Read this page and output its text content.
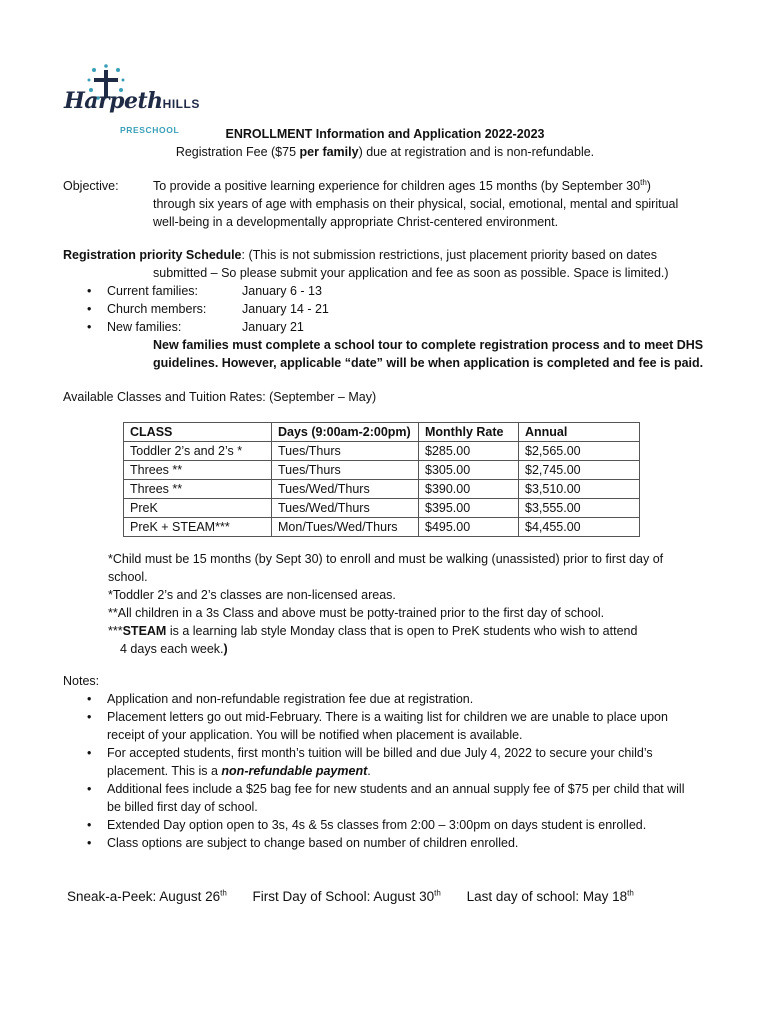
HarpethHILLS
PRESCHOOL	ENROLLMENT Information and Application 2022-2023
Registration Fee ($75 per family) due at registration and is non-refundable.
Objective:	To provide a positive learning experience for children ages 15 months (by September 30th)
through six years of age with emphasis on their physical, social, emotional, mental and spiritual
well-being in a developmentally appropriate Christ-centered environment.
Registration priority Schedule: (This is not submission restrictions, just placement priority based on dates
submitted – So please submit your application and fee as soon as possible. Space is limited.)
• Current families:	January 6 - 13
• Church members:	January 14 - 21
• New families:	January 21
New families must complete a school tour to complete registration process and to meet DHS
guidelines. However, applicable “date” will be when application is completed and fee is paid.
Available Classes and Tuition Rates: (September – May)
CLASS	Days (9:00am-2:00pm)	Monthly Rate	Annual
Toddler 2’s and 2’s *	Tues/Thurs	$285.00	$2,565.00
Threes **	Tues/Thurs	$305.00	$2,745.00
Threes **	Tues/Wed/Thurs	$390.00	$3,510.00
PreK	Tues/Wed/Thurs	$395.00	$3,555.00
PreK + STEAM***	Mon/Tues/Wed/Thurs	$495.00	$4,455.00

*Child must be 15 months (by Sept 30) to enroll and must be walking (unassisted) prior to first day of

school.

*Toddler 2’s and 2’s classes are non-licensed areas.

**All children in a 3s Class and above must be potty-trained prior to the first day of school.

***STEAM is a learning lab style Monday class that is open to PreK students who wish to attend

4 days each week.)

Notes:
• Application and non-refundable registration fee due at registration.
• Placement letters go out mid-February. There is a waiting list for children we are unable to place upon
receipt of your application. You will be notified when placement is available.
• For accepted students, first month’s tuition will be billed and due July 4, 2022 to secure your child’s
placement. This is a non-refundable payment.
• Additional fees include a $25 bag fee for new students and an annual supply fee of $75 per child that will
be billed first day of school.
• Extended Day option open to 3s, 4s & 5s classes from 2:00 – 3:00pm on days student is enrolled.
• Class options are subject to change based on number of children enrolled.
Sneak-a-Peek: August 26th First Day of School: August 30th Last day of school: May 18th
